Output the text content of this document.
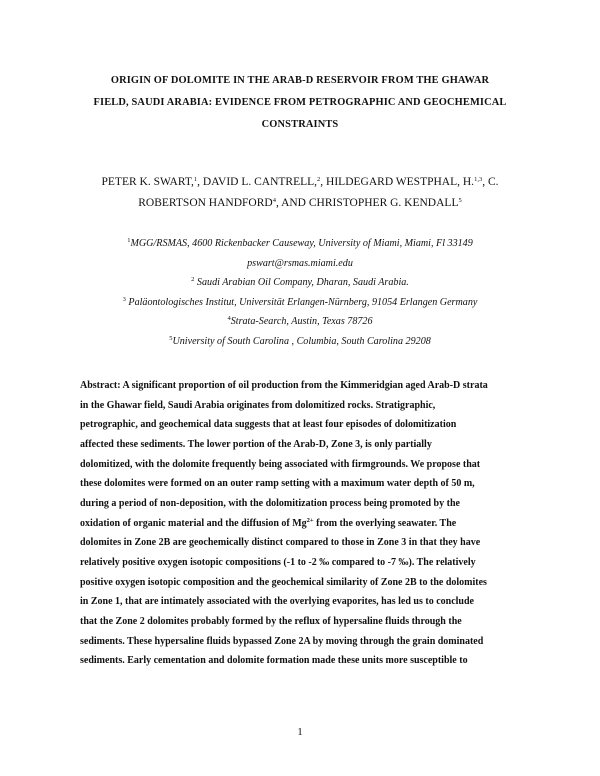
ORIGIN OF DOLOMITE IN THE ARAB-D RESERVOIR FROM THE GHAWAR
FIELD, SAUDI ARABIA: EVIDENCE FROM PETROGRAPHIC AND GEOCHEMICAL
CONSTRAINTS
PETER K. SWART,$^1$, DAVID L. CANTRELL,$^2$, HILDEGARD WESTPHAL, H.$^{1,3}$, C.
ROBERTSON HANDFORD$^4$, AND CHRISTOPHER G. KENDALL$^5$
$^1$MGG/RSMAS, 4600 Rickenbacker Causeway, University of Miami, Miami, Fl 33149
pswart@rsmas.miami.edu
$^2$ Saudi Arabian Oil Company, Dharan, Saudi Arabia.
$^3$ Paläontologisches Institut, Universität Erlangen-Nürnberg, 91054 Erlangen Germany
$^4$Strata-Search, Austin, Texas 78726
$^5$University of South Carolina , Columbia, South Carolina 29208
Abstract: A significant proportion of oil production from the Kimmeridgian aged Arab-D strata
in the Ghawar field, Saudi Arabia originates from dolomitized rocks. Stratigraphic,
petrographic, and geochemical data suggests that at least four episodes of dolomitization
affected these sediments. The lower portion of the Arab-D, Zone 3, is only partially
dolomitized, with the dolomite frequently being associated with firmgrounds. We propose that
these dolomites were formed on an outer ramp setting with a maximum water depth of 50 m,
during a period of non-deposition, with the dolomitization process being promoted by the
oxidation of organic material and the diffusion of $Mg^{2+}$ from the overlying seawater. The
dolomites in Zone 2B are geochemically distinct compared to those in Zone 3 in that they have
relatively positive oxygen isotopic compositions (-1 to -2 ‰ compared to -7 ‰). The relatively
positive oxygen isotopic composition and the geochemical similarity of Zone 2B to the dolomites
in Zone 1, that are intimately associated with the overlying evaporites, has led us to conclude
that the Zone 2 dolomites probably formed by the reflux of hypersaline fluids through the
sediments. These hypersaline fluids bypassed Zone 2A by moving through the grain dominated
sediments. Early cementation and dolomite formation made these units more susceptible to
1
